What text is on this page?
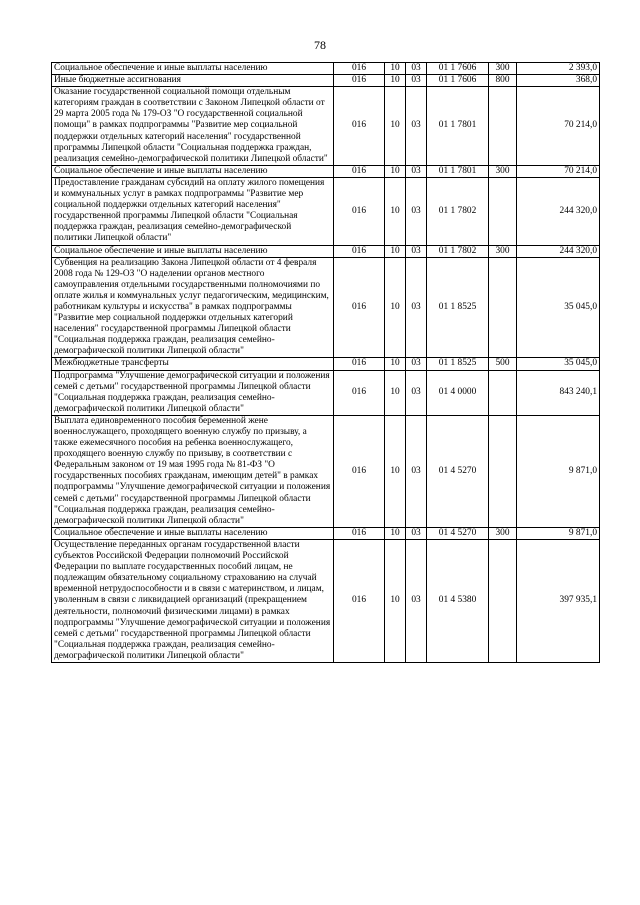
78
Социальное обеспечение и иные выплаты населению	016	10	03	01 1 7606	300	2 393,0
Иные бюджетные ассигнования	016	10	03	01 1 7606	800	368,0
Оказание государственной социальной помощи отдельным категориям граждан в соответствии с Законом Липецкой области от 29 марта 2005 года № 179-ОЗ "О государственной социальной помощи" в рамках подпрограммы "Развитие мер социальной поддержки отдельных категорий населения" государственной программы Липецкой области "Социальная поддержка граждан, реализация семейно-демографической политики Липецкой области"	016	10	03	01 1 7801		70 214,0
Социальное обеспечение и иные выплаты населению	016	10	03	01 1 7801	300	70 214,0
Предоставление гражданам субсидий на оплату жилого помещения и коммунальных услуг в рамках подпрограммы "Развитие мер социальной поддержки отдельных категорий населения" государственной программы Липецкой области "Социальная поддержка граждан, реализация семейно-демографической политики Липецкой области"	016	10	03	01 1 7802		244 320,0
Социальное обеспечение и иные выплаты населению	016	10	03	01 1 7802	300	244 320,0
Субвенция на реализацию Закона Липецкой области от 4 февраля 2008 года № 129-ОЗ "О наделении органов местного самоуправления отдельными государственными полномочиями по оплате жилья и коммунальных услуг педагогическим, медицинским, работникам культуры и искусства" в рамках подпрограммы "Развитие мер социальной поддержки отдельных категорий населения" государственной программы Липецкой области "Социальная поддержка граждан, реализация семейно-демографической политики Липецкой области"	016	10	03	01 1 8525		35 045,0
Межбюджетные трансферты	016	10	03	01 1 8525	500	35 045,0
Подпрограмма "Улучшение демографической ситуации и положения семей с детьми" государственной программы Липецкой области "Социальная поддержка граждан, реализация семейно-демографической политики Липецкой области"	016	10	03	01 4 0000		843 240,1
Выплата единовременного пособия беременной жене военнослужащего, проходящего военную службу по призыву, а также ежемесячного пособия на ребенка военнослужащего, проходящего военную службу по призыву, в соответствии с Федеральным законом от 19 мая 1995 года № 81-ФЗ "О государственных пособиях гражданам, имеющим детей" в рамках подпрограммы "Улучшение демографической ситуации и положения семей с детьми" государственной программы Липецкой области "Социальная поддержка граждан, реализация семейно-демографической политики Липецкой области"	016	10	03	01 4 5270		9 871,0
Социальное обеспечение и иные выплаты населению	016	10	03	01 4 5270	300	9 871,0
Осуществление переданных органам государственной власти субъектов Российской Федерации полномочий Российской Федерации по выплате государственных пособий лицам, не подлежащим обязательному социальному страхованию на случай временной нетрудоспособности и в связи с материнством, и лицам, уволенным в связи с ликвидацией организаций (прекращением деятельности, полномочий физическими лицами) в рамках подпрограммы "Улучшение демографической ситуации и положения семей с детьми" государственной программы Липецкой области "Социальная поддержка граждан, реализация семейно-демографической политики Липецкой области"	016	10	03	01 4 5380		397 935,1
